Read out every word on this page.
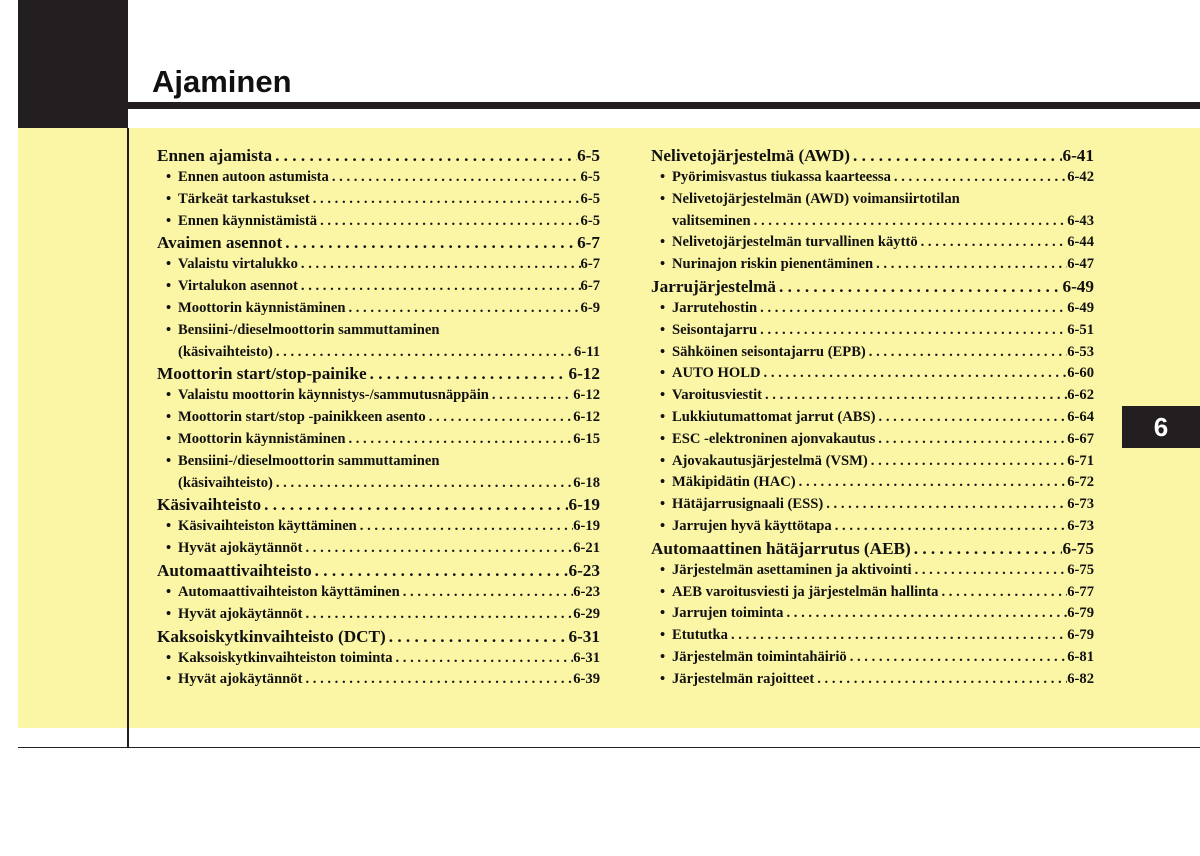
Ajaminen
6
Ennen ajamista . . .	6-5
• Ennen autoon astumista . . .	6-5
• Tärkeät tarkastukset . . .	6-5
• Ennen käynnistämistä . . .	6-5
Avaimen asennot . . .	6-7
• Valaistu virtalukko . . .	6-7
• Virtalukon asennot . . .	6-7
• Moottorin käynnistäminen . . .	6-9
• Bensiini-/dieselmoottorin sammuttaminen
(käsivaihteisto) . . .	6-11
Moottorin start/stop-painike . . .	6-12
• Valaistu moottorin käynnistys-/sammutusnäppäin . . .	6-12
• Moottorin start/stop -painikkeen asento . . .	6-12
• Moottorin käynnistäminen . . .	6-15
• Bensiini-/dieselmoottorin sammuttaminen
(käsivaihteisto) . . .	6-18
Käsivaihteisto . . .	6-19
• Käsivaihteiston käyttäminen . . .	6-19
• Hyvät ajokäytännöt . . .	6-21
Automaattivaihteisto . . .	6-23
• Automaattivaihteiston käyttäminen . . .	6-23
• Hyvät ajokäytännöt . . .	6-29
Kaksoiskytkinvaihteisto (DCT) . . .	6-31
• Kaksoiskytkinvaihteiston toiminta . . .	6-31
• Hyvät ajokäytännöt . . .	6-39
Nelivetojärjestelmä (AWD) . . .	6-41
• Pyörimisvastus tiukassa kaarteessa . . .	6-42
• Nelivetojärjestelmän (AWD) voimansiirtotilan
valitseminen . . .	6-43
• Nelivetojärjestelmän turvallinen käyttö . . .	6-44
• Nurinajon riskin pienentäminen . . .	6-47
Jarrujärjestelmä . . .	6-49
• Jarrutehostin . . .	6-49
• Seisontajarru . . .	6-51
• Sähköinen seisontajarru (EPB) . . .	6-53
• AUTO HOLD . . .	6-60
• Varoitusviestit . . .	6-62
• Lukkiutumattomat jarrut (ABS) . . .	6-64
• ESC -elektroninen ajonvakautus . . .	6-67
• Ajovakautusjärjestelmä (VSM) . . .	6-71
• Mäkipidätin (HAC) . . .	6-72
• Hätäjarrusignaali (ESS) . . .	6-73
• Jarrujen hyvä käyttötapa . . .	6-73
Automaattinen hätäjarrutus (AEB) . . .	6-75
• Järjestelmän asettaminen ja aktivointi . . .	6-75
• AEB varoitusviesti ja järjestelmän hallinta . . .	6-77
• Jarrujen toiminta . . .	6-79
• Etututka . . .	6-79
• Järjestelmän toimintahäiriö . . .	6-81
• Järjestelmän rajoitteet . . .	6-82
